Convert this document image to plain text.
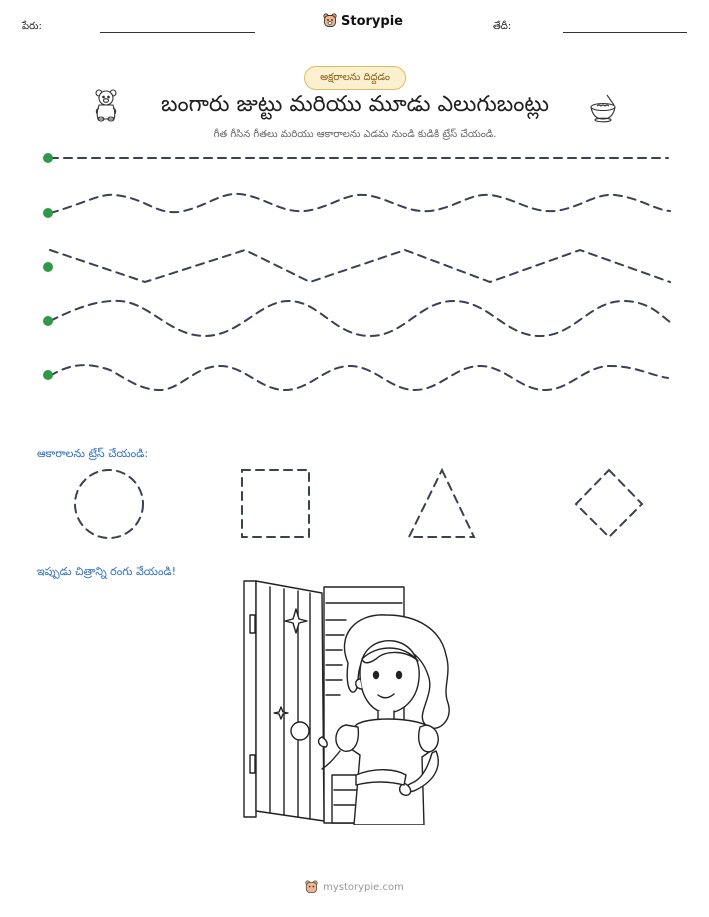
పేరు:	Storypie	తేదీ:
అక్షరాలను దిద్దడం
బంగారు జుట్టు మరియు మూడు ఎలుగుబంట్లు
గీత గీసిన గీతలు మరియు ఆకారాలను ఎడమ నుండి కుడికి ట్రేస్ చేయండి.
ఆకారాలను ట్రేస్ చేయండి:
ఇప్పుడు చిత్రాన్ని రంగు వేయండి!
mystorypie.com
